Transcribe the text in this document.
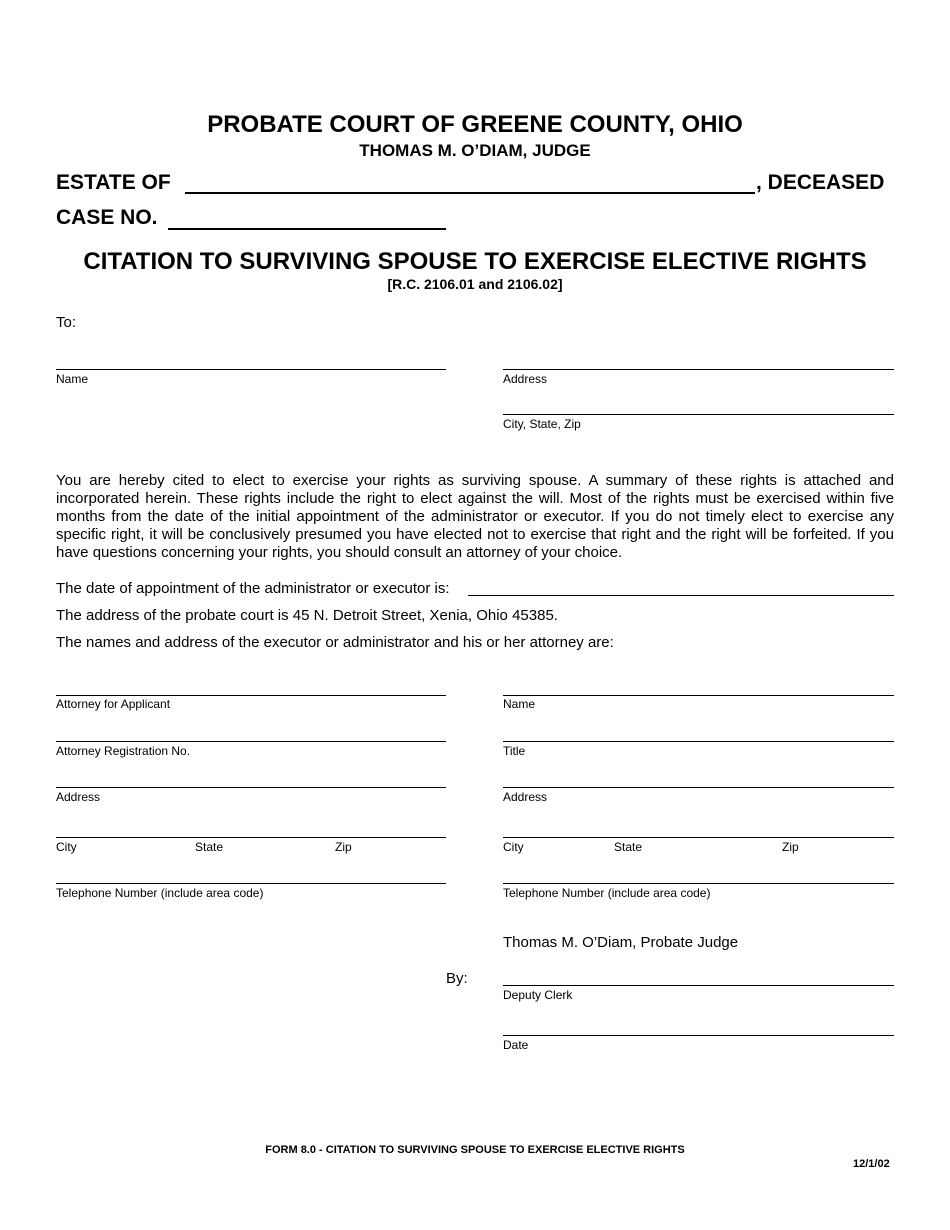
PROBATE COURT OF GREENE COUNTY, OHIO
THOMAS M. O’DIAM, JUDGE
ESTATE OF	, DECEASED
CASE NO.
CITATION TO SURVIVING SPOUSE TO EXERCISE ELECTIVE RIGHTS
[R.C. 2106.01 and 2106.02]
To:
Name	Address
City, State, Zip
You are hereby cited to elect to exercise your rights as surviving spouse. A summary of these rights is attached and incorporated herein. These rights include the right to elect against the will. Most of the rights must be exercised within five months from the date of the initial appointment of the administrator or executor. If you do not timely elect to exercise any specific right, it will be conclusively presumed you have elected not to exercise that right and the right will be forfeited. If you have questions concerning your rights, you should consult an attorney of your choice.
The date of appointment of the administrator or executor is:
The address of the probate court is 45 N. Detroit Street, Xenia, Ohio 45385.
The names and address of the executor or administrator and his or her attorney are:
Attorney for Applicant
Attorney Registration No.
Address
City	State	Zip
Telephone Number (include area code)
Name
Title
Address
City	State	Zip
Telephone Number (include area code)
Thomas M. O’Diam, Probate Judge
By:
Deputy Clerk
Date
FORM 8.0 - CITATION TO SURVIVING SPOUSE TO EXERCISE ELECTIVE RIGHTS
12/1/02
